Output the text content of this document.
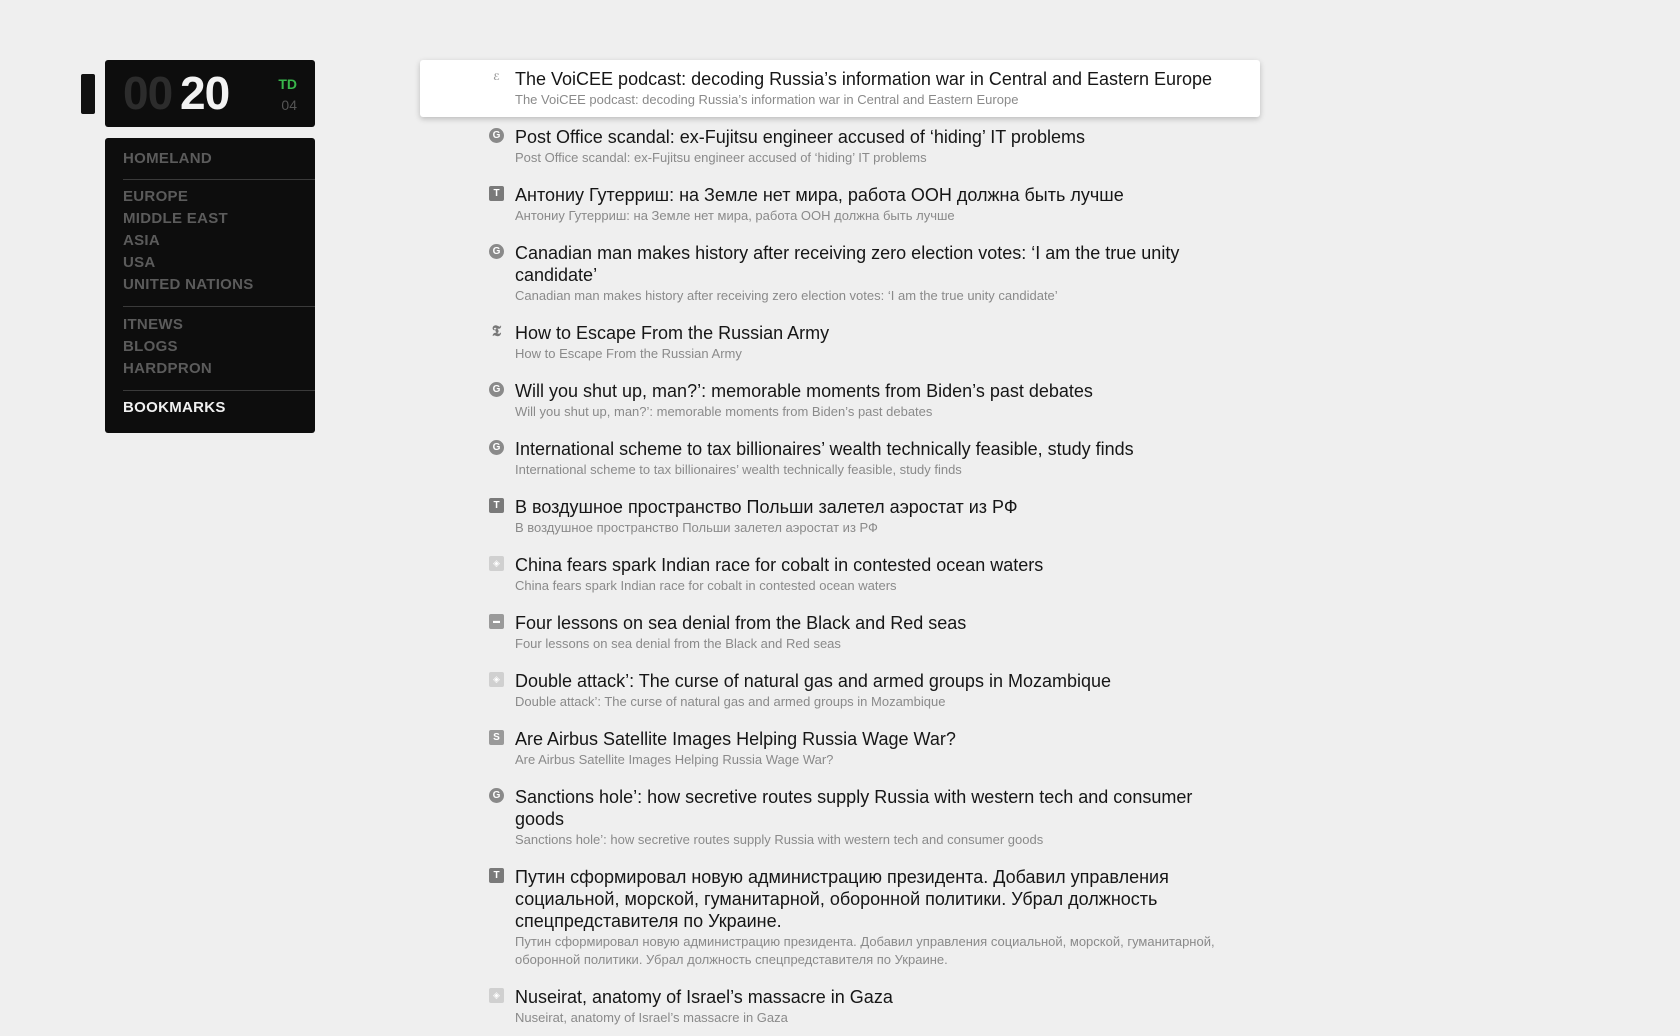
00 20	TD
04
HOMELAND
EUROPE
MIDDLE EAST
ASIA
USA
UNITED NATIONS
ITNEWS
BLOGS
HARDPRON
BOOKMARKS
ℰ The VoiCEE podcast: decoding Russia’s information war in Central and Eastern Europe
The VoiCEE podcast: decoding Russia’s information war in Central and Eastern Europe
G Post Office scandal: ex-Fujitsu engineer accused of ‘hiding’ IT problems
Post Office scandal: ex-Fujitsu engineer accused of ‘hiding’ IT problems
T Антониу Гутерриш: на Земле нет мира, работа ООН должна быть лучше
Антониу Гутерриш: на Земле нет мира, работа ООН должна быть лучше
G Canadian man makes history after receiving zero election votes: ‘I am the true unity candidate’
Canadian man makes history after receiving zero election votes: ‘I am the true unity candidate’
𝕿 How to Escape From the Russian Army
How to Escape From the Russian Army
G Will you shut up, man?’: memorable moments from Biden’s past debates
Will you shut up, man?’: memorable moments from Biden’s past debates
G International scheme to tax billionaires’ wealth technically feasible, study finds
International scheme to tax billionaires’ wealth technically feasible, study finds
T В воздушное пространство Польши залетел аэростат из РФ
В воздушное пространство Польши залетел аэростат из РФ
◈ China fears spark Indian race for cobalt in contested ocean waters
China fears spark Indian race for cobalt in contested ocean waters
▬ Four lessons on sea denial from the Black and Red seas
Four lessons on sea denial from the Black and Red seas
◈ Double attack’: The curse of natural gas and armed groups in Mozambique
Double attack’: The curse of natural gas and armed groups in Mozambique
S Are Airbus Satellite Images Helping Russia Wage War?
Are Airbus Satellite Images Helping Russia Wage War?
G Sanctions hole’: how secretive routes supply Russia with western tech and consumer goods
Sanctions hole’: how secretive routes supply Russia with western tech and consumer goods
T Путин сформировал новую администрацию президента. Добавил управления социальной, морской, гуманитарной, оборонной политики. Убрал должность спецпредставителя по Украине.
Путин сформировал новую администрацию президента. Добавил управления социальной, морской, гуманитарной, оборонной политики. Убрал должность спецпредставителя по Украине.
◈ Nuseirat, anatomy of Israel’s massacre in Gaza
Nuseirat, anatomy of Israel’s massacre in Gaza
